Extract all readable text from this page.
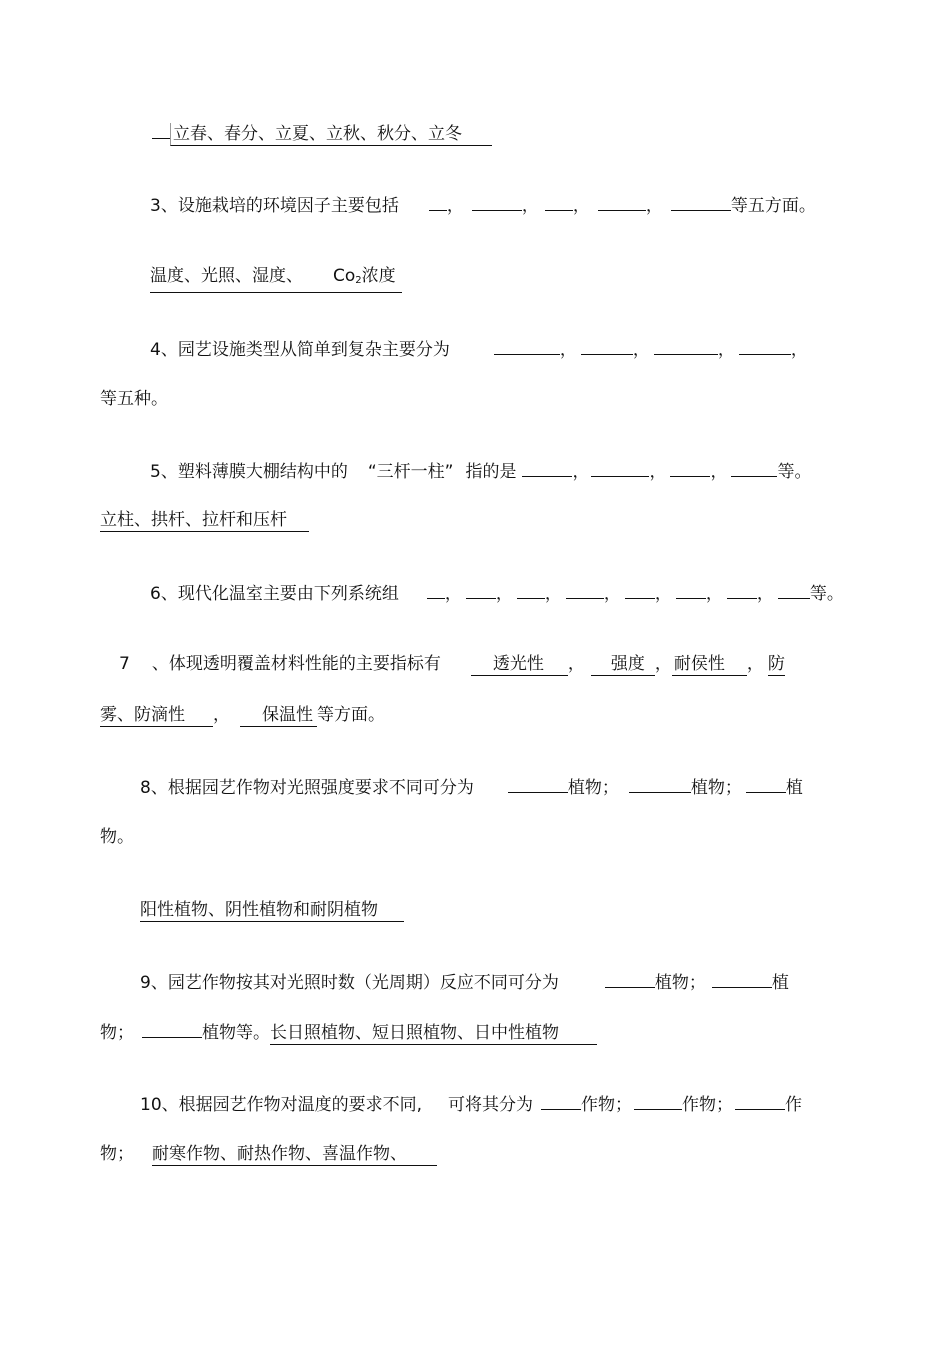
立春、春分、立夏、立秋、秋分、立冬
3、设施栽培的环境因子主要包括	，	， ，	，	等五方面。
温度、光照、湿度、 $Co_2$浓度
4、园艺设施类型从简单到复杂主要分为	，	，	，	，
等五种。
5、塑料薄膜大棚结构中的 “三杆一柱” 指的是	，	，	，	等。
立柱、拱杆、拉杆和压杆
6、现代化温室主要由下列系统组	， ， ， ， ， ， ， 等。
7 、体现透明覆盖材料性能的主要指标有	透光性 ， 强度 ， 耐侯性 ， 防
雾、防滴性 ， 保温性 等方面。
8、根据园艺作物对光照强度要求不同可分为	植物；	植物；	植
物。
阳性植物、阴性植物和耐阴植物
9、园艺作物按其对光照时数（光周期）反应不同可分为	植物；	植
物；	植物等。长日照植物、短日照植物、日中性植物
10、根据园艺作物对温度的要求不同, 可将其分为	作物；	作物；	作
物； 耐寒作物、耐热作物、喜温作物、
